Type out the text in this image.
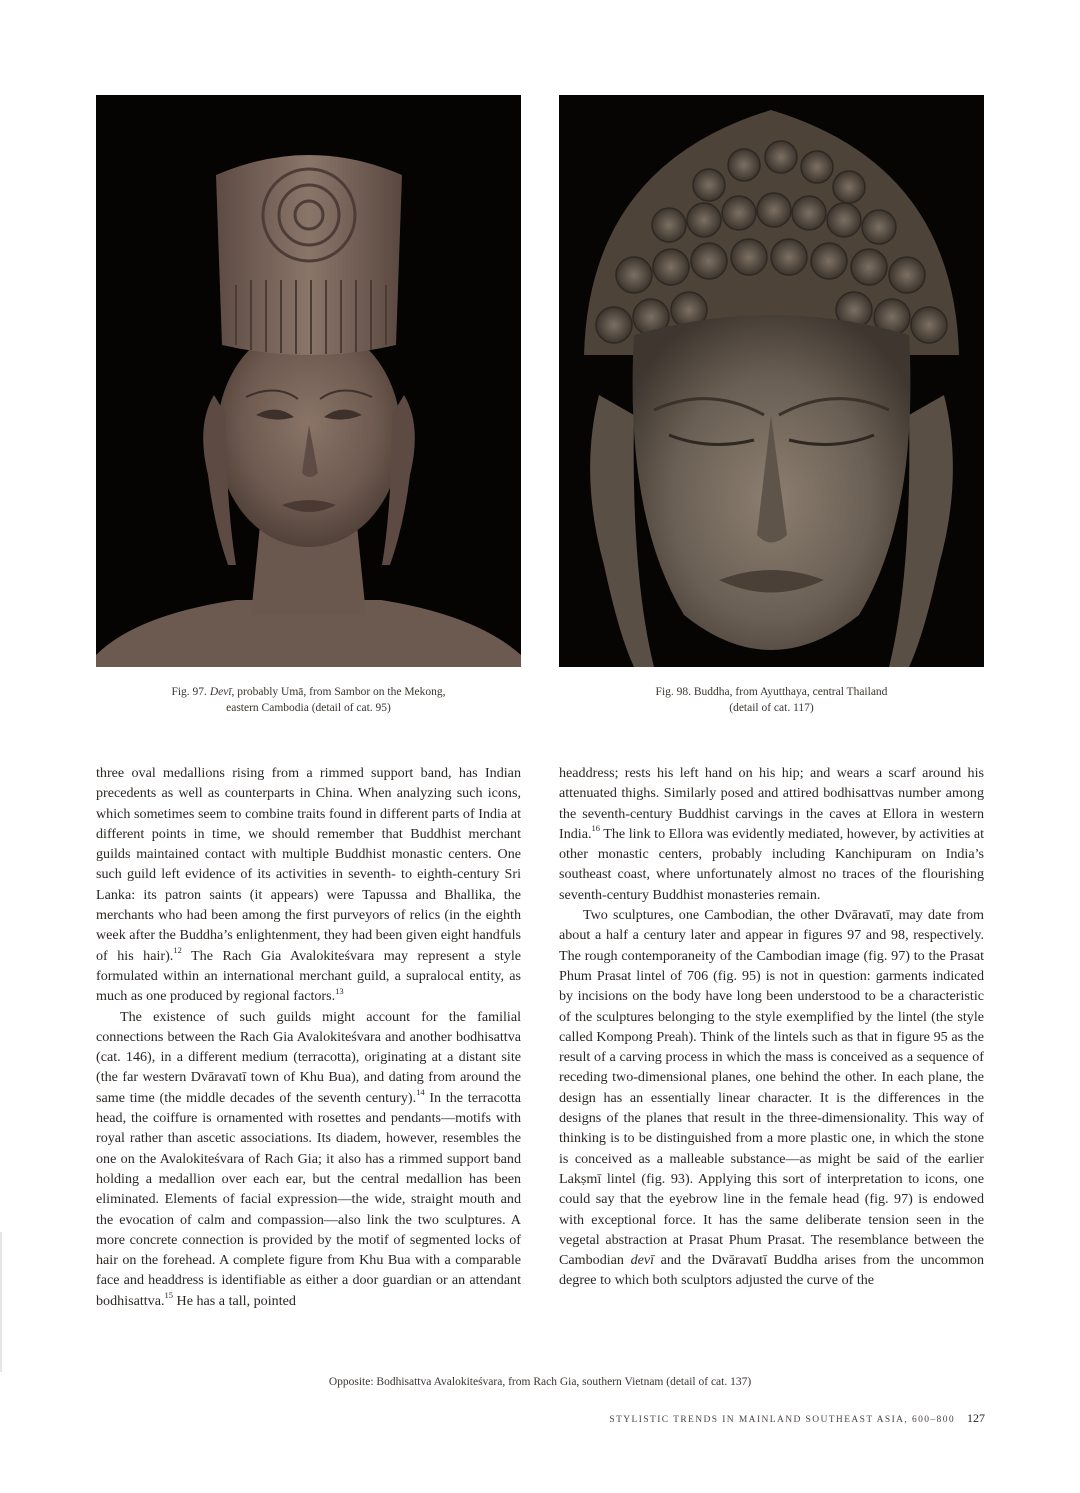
Fig. 97. Devī, probably Umā, from Sambor on the Mekong,
eastern Cambodia (detail of cat. 95)
Fig. 98. Buddha, from Ayutthaya, central Thailand
(detail of cat. 117)

three oval medallions rising from a rimmed support band, has Indian precedents as well as counterparts in China. When analyzing such icons, which sometimes seem to combine traits found in different parts of India at different points in time, we should remember that Buddhist merchant guilds maintained contact with multiple Buddhist monastic centers. One such guild left evidence of its activities in seventh- to eighth-century Sri Lanka: its patron saints (it appears) were Tapussa and Bhallika, the merchants who had been among the first purveyors of relics (in the eighth week after the Buddha’s enlightenment, they had been given eight handfuls of his hair).$^{12}$ The Rach Gia Avalokiteśvara may represent a style formulated within an international merchant guild, a supralocal entity, as much as one produced by regional factors.$^{13}$

The existence of such guilds might account for the familial connections between the Rach Gia Avalokiteśvara and another bodhisattva (cat. 146), in a different medium (terracotta), originating at a distant site (the far western Dvāravatī town of Khu Bua), and dating from around the same time (the middle decades of the seventh century).$^{14}$ In the terracotta head, the coiffure is ornamented with rosettes and pendants—motifs with royal rather than ascetic associations. Its diadem, however, resembles the one on the Avalokiteśvara of Rach Gia; it also has a rimmed support band holding a medallion over each ear, but the central medallion has been eliminated. Elements of facial expression—the wide, straight mouth and the evocation of calm and compassion—also link the two sculptures. A more concrete connection is provided by the motif of segmented locks of hair on the forehead. A complete figure from Khu Bua with a comparable face and headdress is identifiable as either a door guardian or an attendant bodhisattva.$^{15}$ He has a tall, pointed

headdress; rests his left hand on his hip; and wears a scarf around his attenuated thighs. Similarly posed and attired bodhisattvas number among the seventh-century Buddhist carvings in the caves at Ellora in western India.$^{16}$ The link to Ellora was evidently mediated, however, by activities at other monastic centers, probably including Kanchipuram on India’s southeast coast, where unfortunately almost no traces of the flourishing seventh-century Buddhist monasteries remain.

Two sculptures, one Cambodian, the other Dvāravatī, may date from about a half a century later and appear in figures 97 and 98, respectively. The rough contemporaneity of the Cambodian image (fig. 97) to the Prasat Phum Prasat lintel of 706 (fig. 95) is not in question: garments indicated by incisions on the body have long been understood to be a characteristic of the sculptures belonging to the style exemplified by the lintel (the style called Kompong Preah). Think of the lintels such as that in figure 95 as the result of a carving process in which the mass is conceived as a sequence of receding two-dimensional planes, one behind the other. In each plane, the design has an essentially linear character. It is the differences in the designs of the planes that result in the three-dimensionality. This way of thinking is to be distinguished from a more plastic one, in which the stone is conceived as a malleable substance—as might be said of the earlier Lakṣmī lintel (fig. 93). Applying this sort of interpretation to icons, one could say that the eyebrow line in the female head (fig. 97) is endowed with exceptional force. It has the same deliberate tension seen in the vegetal abstraction at Prasat Phum Prasat. The resemblance between the Cambodian devī and the Dvāravatī Buddha arises from the uncommon degree to which both sculptors adjusted the curve of the

Opposite: Bodhisattva Avalokiteśvara, from Rach Gia, southern Vietnam (detail of cat. 137)
STYLISTIC TRENDS IN MAINLAND SOUTHEAST ASIA, 600–800 127
